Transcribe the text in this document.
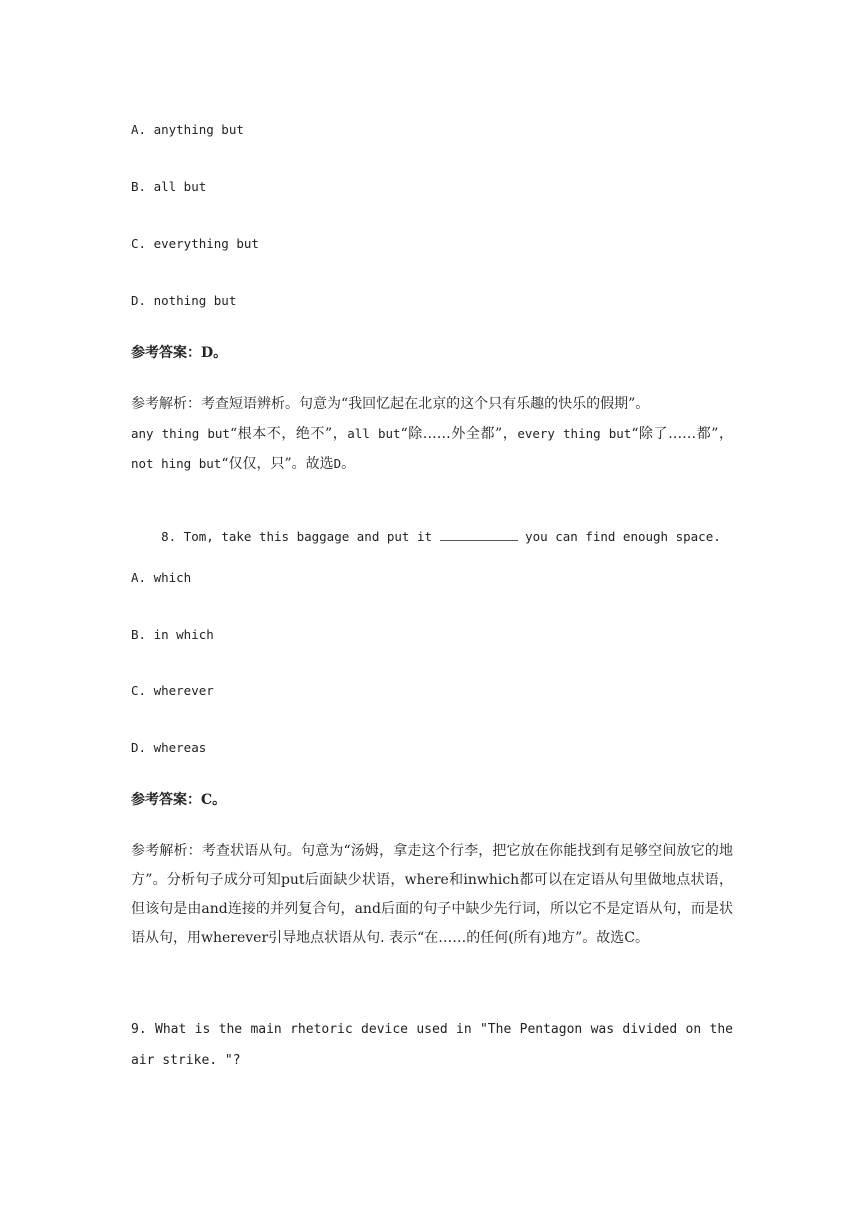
A. anything but
B. all but
C. everything but
D. nothing but
参考答案：D。
参考解析：考查短语辨析。句意为“我回忆起在北京的这个只有乐趣的快乐的假期”。
any thing but“根本不，绝不”，all but“除……外全都”，every thing but“除了……都”，not hing but“仅仅，只”。故选D。

8. Tom, take this baggage and put it	you can find enough space.

A. which
B. in which
C. wherever
D. whereas
参考答案：C。
参考解析：考查状语从句。句意为“汤姆，拿走这个行李，把它放在你能找到有足够空间放它的地方”。分析句子成分可知put后面缺少状语，where和inwhich都可以在定语从句里做地点状语，但该句是由and连接的并列复合句，and后面的句子中缺少先行词，所以它不是定语从句，而是状语从句，用wherever引导地点状语从句. 表示“在……的任何(所有)地方”。故选C。
9. What is the main rhetoric device used in "The Pentagon was divided on the air strike. "?
